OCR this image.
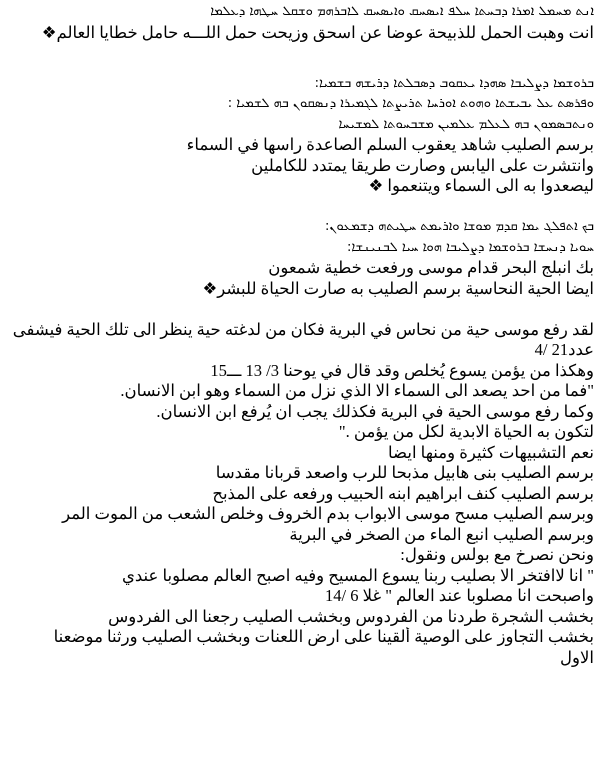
ܐܢܬ ܡܚܡܠ ܐܡܪܐ ܕܒܚܬܐ ܚܠܦ ܐܝܣܚܩ ܘܐܝܣܚܩ ܠܐܒܪܗܡ ܘܫܩܠ ܚܛܗܐ ܕܥܠܡܐ
انت وهبت الحمل للذبيحة عوضا عن اسحق وزيحت حمل اللـــه حامل خطايا العالم❖
ܒܪܘܫܡܐ ܕܨܠܝܒܐ ܣܗܕܐ ܝܥܩܘܒ ܕܣܒܠܬܐ ܕܪܝܫܗ ܒܫܡܝܐ:
ܘܦܪܣܬ ܥܠ ܝܒܝܫܬܐ ܘܗܘܬ ܐܘܪܚܐ ܬܪܝܨܬܐ ܠܓܡܝܪܐ ܕܢܣܩܘܢ ܒܗ ܠܫܡܝܐ :
ܘܢܬܒܣܡܘܢ ܒܗ ܠܥܠܡ ܥܠܡܝܢ ܡܫܒܚܘܬܐ ܠܡܫܝܚܐ
برسم الصليب شاهد يعقوب السلم الصاعدة راسها في السماء
وانتشرت على اليابس وصارت طريقا يمتدد للكاملين
ليصعدوا به الى السماء ويتنعموا ❖
ܒܟ ܐܬܦܠܓ ܝܡܐ ܩܕܡ ܡܘܫܐ ܘܐܪܝܡܬ ܚܛܝܬܗ ܕܫܡܥܘܢ:
ܚܘܝܐ ܕܢܚܫܐ ܒܪܘܫܡܐ ܕܨܠܝܒܐ ܗܘܐ ܚܝܐ ܠܒܢܝܢܫܐ:
بك انبلج البحر قدام موسى ورفعت خطية شمعون
ايضا الحية النحاسية برسم الصليب به صارت الحياة للبشر❖
لقد رفع موسى حية من نحاس في البرية فكان من لدغته حية ينظر الى تلك الحية فيشفى
عدد21 /4
وهكذا من يؤمن يسوع يُخلص وقد قال في يوحنا 3/ 13 ـــ15
"فما من احد يصعد الى السماء الا الذي نزل من السماء وهو ابن الانسان.
وكما رفع موسى الحية في البرية فكذلك يجب ان يُرفع ابن الانسان.
لتكون به الحياة الابدية لكل من يؤمن ."
نعم التشبيهات كثيرة ومنها ايضا
برسم الصليب بنى هابيل مذبحا للرب واصعد قربانا مقدسا
برسم الصليب كنف ابراهيم ابنه الحبيب ورفعه على المذبح
وبرسم الصليب مسح موسى الابواب بدم الخروف وخلص الشعب من الموت المر
وبرسم الصليب انبع الماء من الصخر في البرية
ونحن نصرخ مع بولس ونقول:
" انا لاافتخر الا بصليب ربنا يسوع المسيح وفيه اصبح العالم مصلوبا عندي
واصبحت انا مصلوبا عند العالم " غلا 6 /14
بخشب الشجرة طردنا من الفردوس وبخشب الصليب رجعنا الى الفردوس
بخشب التجاوز على الوصية ألقينا على ارض اللعنات وبخشب الصليب ورثنا موضعنا
الاول
